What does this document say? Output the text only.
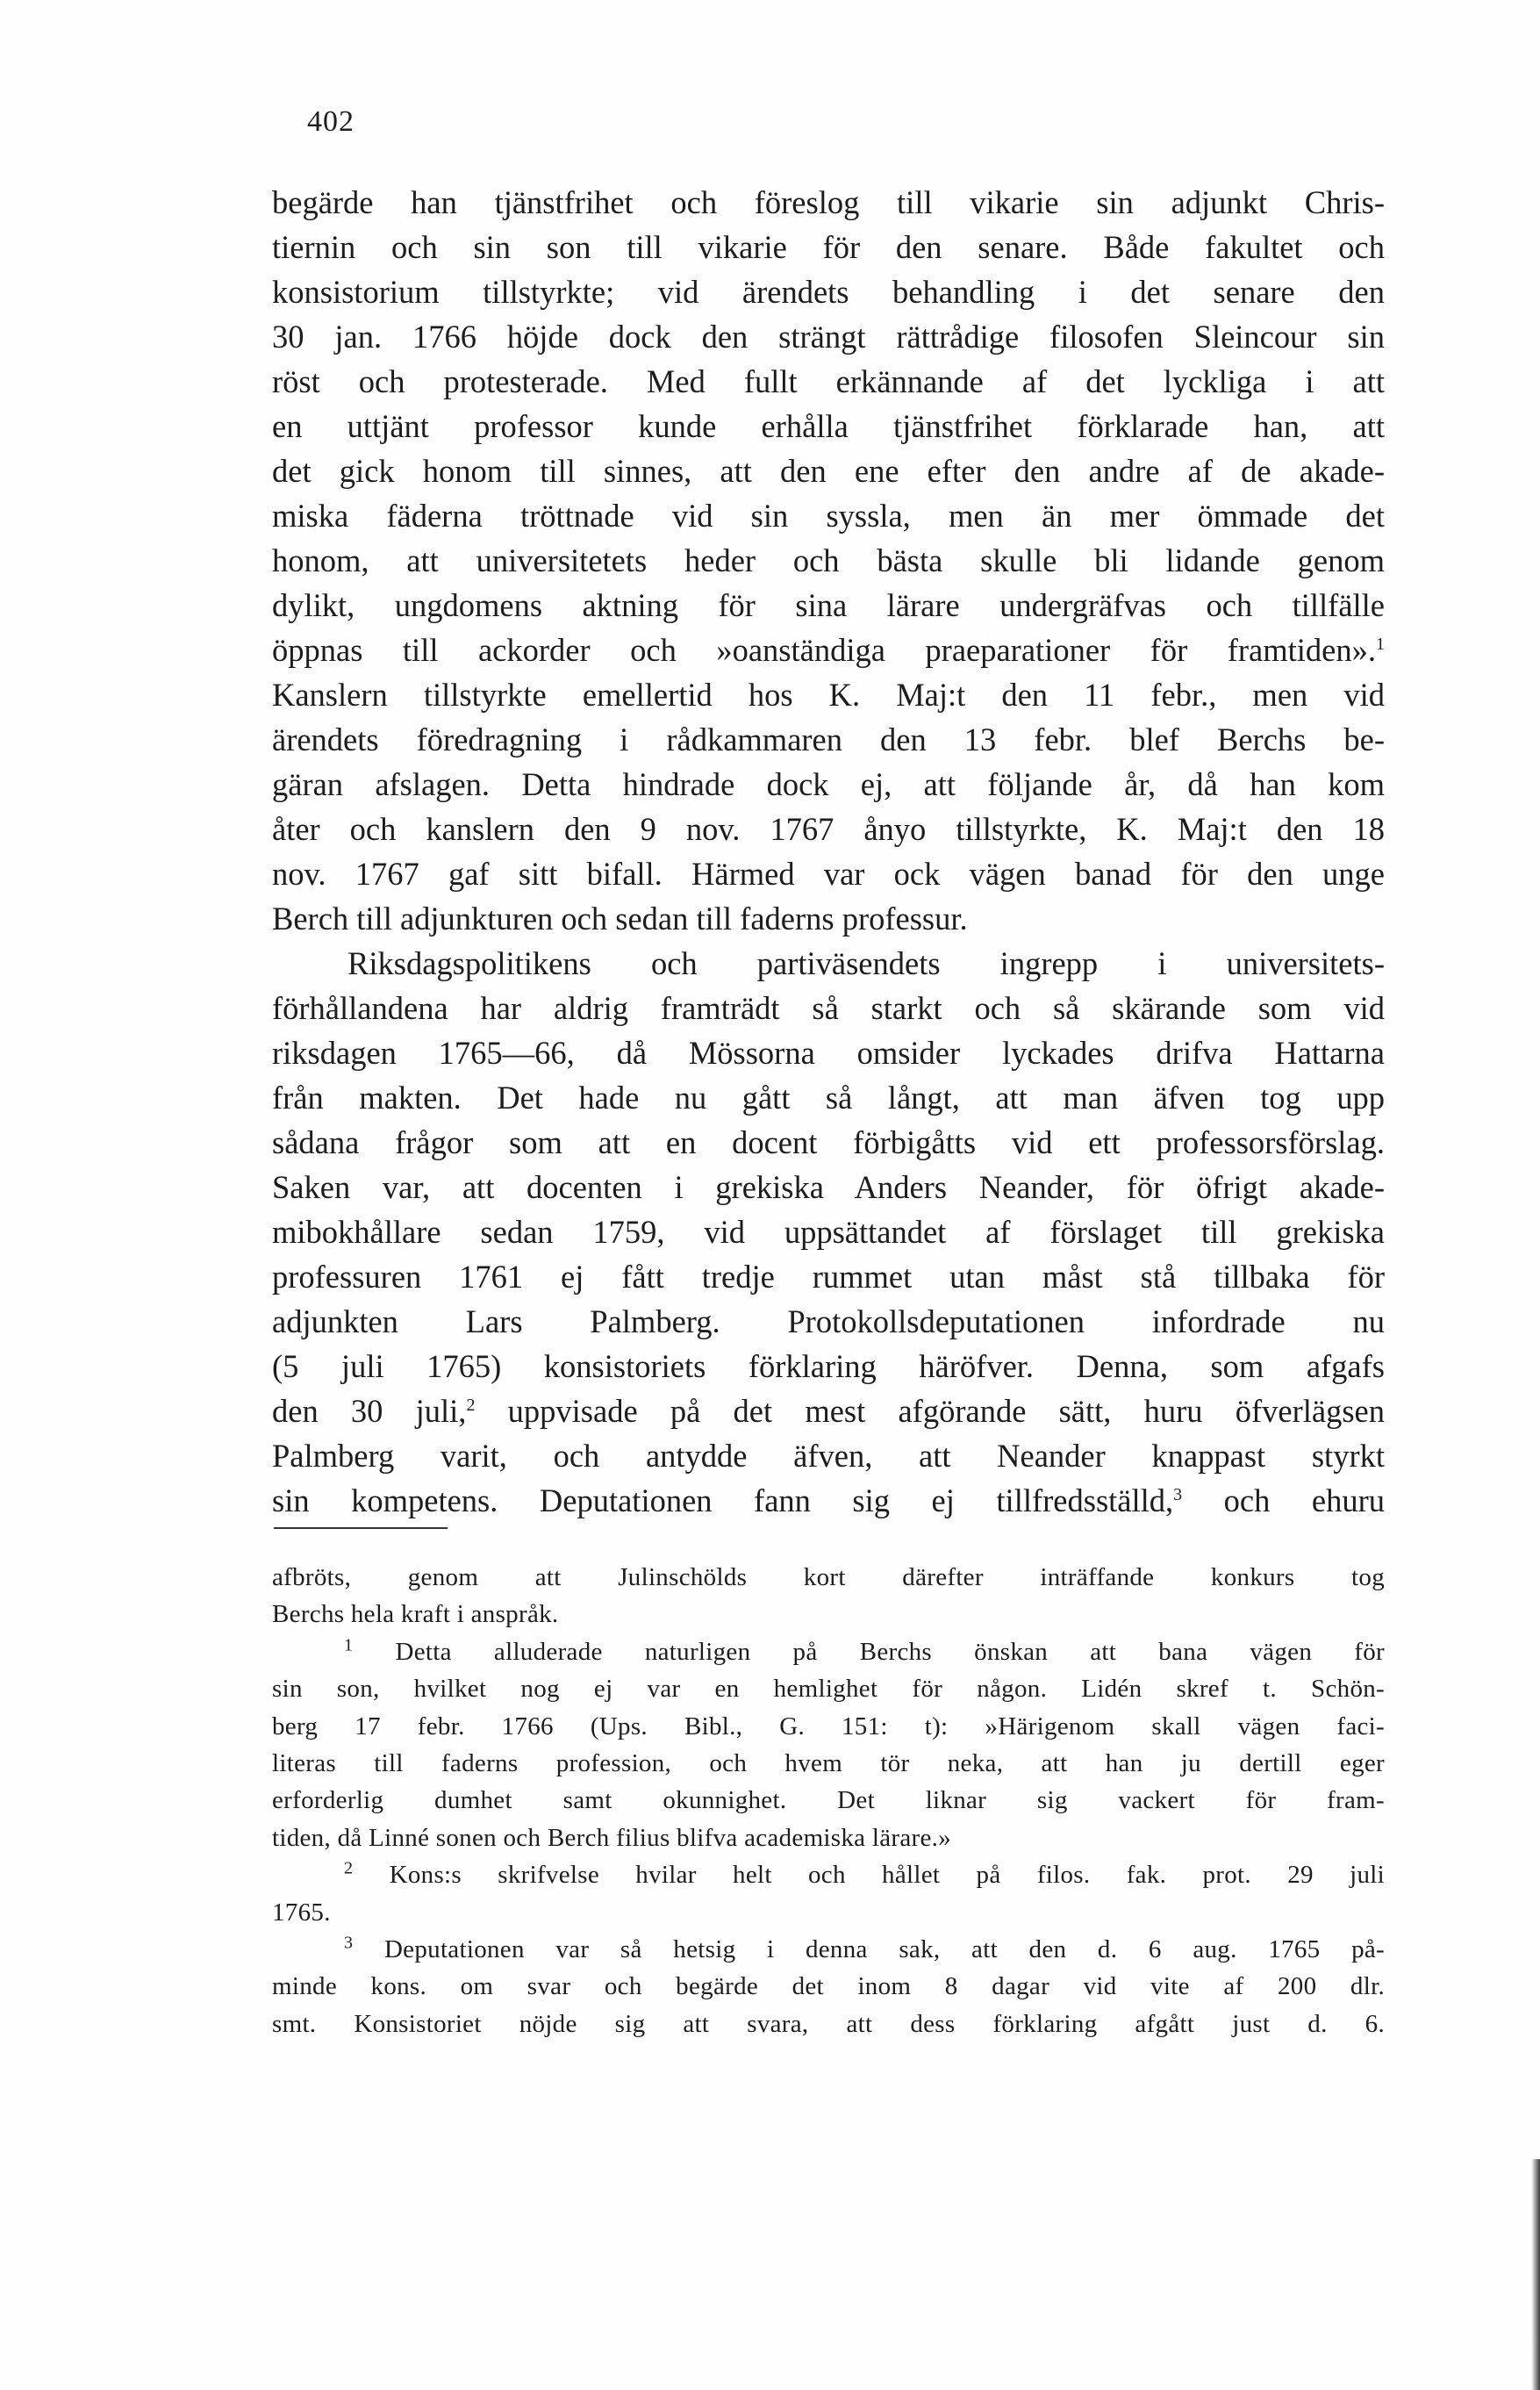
402
begärde han tjänstfrihet och föreslog till vikarie sin adjunkt Chris-
tiernin och sin son till vikarie för den senare. Både fakultet och
konsistorium tillstyrkte; vid ärendets behandling i det senare den
30 jan. 1766 höjde dock den strängt rättrådige filosofen Sleincour sin
röst och protesterade. Med fullt erkännande af det lyckliga i att
en uttjänt professor kunde erhålla tjänstfrihet förklarade han, att
det gick honom till sinnes, att den ene efter den andre af de akade-
miska fäderna tröttnade vid sin syssla, men än mer ömmade det
honom, att universitetets heder och bästa skulle bli lidande genom
dylikt, ungdomens aktning för sina lärare undergräfvas och tillfälle
öppnas till ackorder och »oanständiga praeparationer för framtiden».$^1$
Kanslern tillstyrkte emellertid hos K. Maj:t den 11 febr., men vid
ärendets föredragning i rådkammaren den 13 febr. blef Berchs be-
gäran afslagen. Detta hindrade dock ej, att följande år, då han kom
åter och kanslern den 9 nov. 1767 ånyo tillstyrkte, K. Maj:t den 18
nov. 1767 gaf sitt bifall. Härmed var ock vägen banad för den unge
Berch till adjunkturen och sedan till faderns professur.
Riksdagspolitikens och partiväsendets ingrepp i universitets-
förhållandena har aldrig framträdt så starkt och så skärande som vid
riksdagen 1765—66, då Mössorna omsider lyckades drifva Hattarna
från makten. Det hade nu gått så långt, att man äfven tog upp
sådana frågor som att en docent förbigåtts vid ett professorsförslag.
Saken var, att docenten i grekiska Anders Neander, för öfrigt akade-
mibokhållare sedan 1759, vid uppsättandet af förslaget till grekiska
professuren 1761 ej fått tredje rummet utan måst stå tillbaka för
adjunkten Lars Palmberg. Protokollsdeputationen infordrade nu
(5 juli 1765) konsistoriets förklaring häröfver. Denna, som afgafs
den 30 juli,$^2$ uppvisade på det mest afgörande sätt, huru öfverlägsen
Palmberg varit, och antydde äfven, att Neander knappast styrkt
sin kompetens. Deputationen fann sig ej tillfredsställd,$^3$ och ehuru
afbröts, genom att Julinschölds kort därefter inträffande konkurs tog
Berchs hela kraft i anspråk.
$^1$ Detta alluderade naturligen på Berchs önskan att bana vägen för
sin son, hvilket nog ej var en hemlighet för någon. Lidén skref t. Schön-
berg 17 febr. 1766 (Ups. Bibl., G. 151: t): »Härigenom skall vägen faci-
literas till faderns profession, och hvem tör neka, att han ju dertill eger
erforderlig dumhet samt okunnighet. Det liknar sig vackert för fram-
tiden, då Linné sonen och Berch filius blifva academiska lärare.»
$^2$ Kons:s skrifvelse hvilar helt och hållet på filos. fak. prot. 29 juli
1765.
$^3$ Deputationen var så hetsig i denna sak, att den d. 6 aug. 1765 på-
minde kons. om svar och begärde det inom 8 dagar vid vite af 200 dlr.
smt. Konsistoriet nöjde sig att svara, att dess förklaring afgått just d. 6.
